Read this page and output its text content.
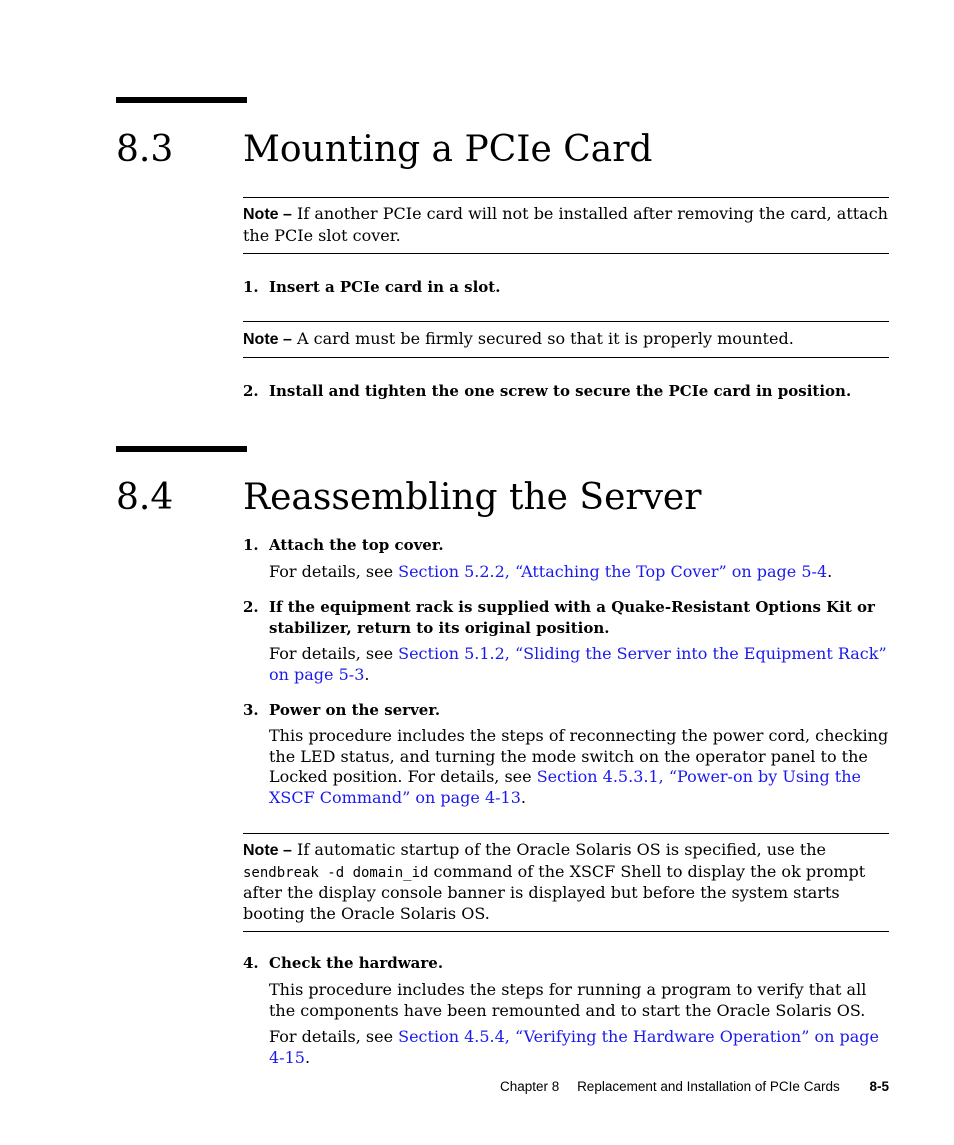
8.3 Mounting a PCIe Card
Note – If another PCIe card will not be installed after removing the card, attach the PCIe slot cover.
1. Insert a PCIe card in a slot.
Note – A card must be firmly secured so that it is properly mounted.
2. Install and tighten the one screw to secure the PCIe card in position.
8.4 Reassembling the Server
1. Attach the top cover.
For details, see Section 5.2.2, “Attaching the Top Cover” on page 5-4.
2. If the equipment rack is supplied with a Quake-Resistant Options Kit or stabilizer, return to its original position.
For details, see Section 5.1.2, “Sliding the Server into the Equipment Rack” on page 5-3.
3. Power on the server.
This procedure includes the steps of reconnecting the power cord, checking the LED status, and turning the mode switch on the operator panel to the Locked position. For details, see Section 4.5.3.1, “Power-on by Using the XSCF Command” on page 4-13.
Note – If automatic startup of the Oracle Solaris OS is specified, use the sendbreak -d domain_id command of the XSCF Shell to display the ok prompt after the display console banner is displayed but before the system starts booting the Oracle Solaris OS.
4. Check the hardware.
This procedure includes the steps for running a program to verify that all the components have been remounted and to start the Oracle Solaris OS.
For details, see Section 4.5.4, “Verifying the Hardware Operation” on page 4-15.
Chapter 8 Replacement and Installation of PCIe Cards 8-5
